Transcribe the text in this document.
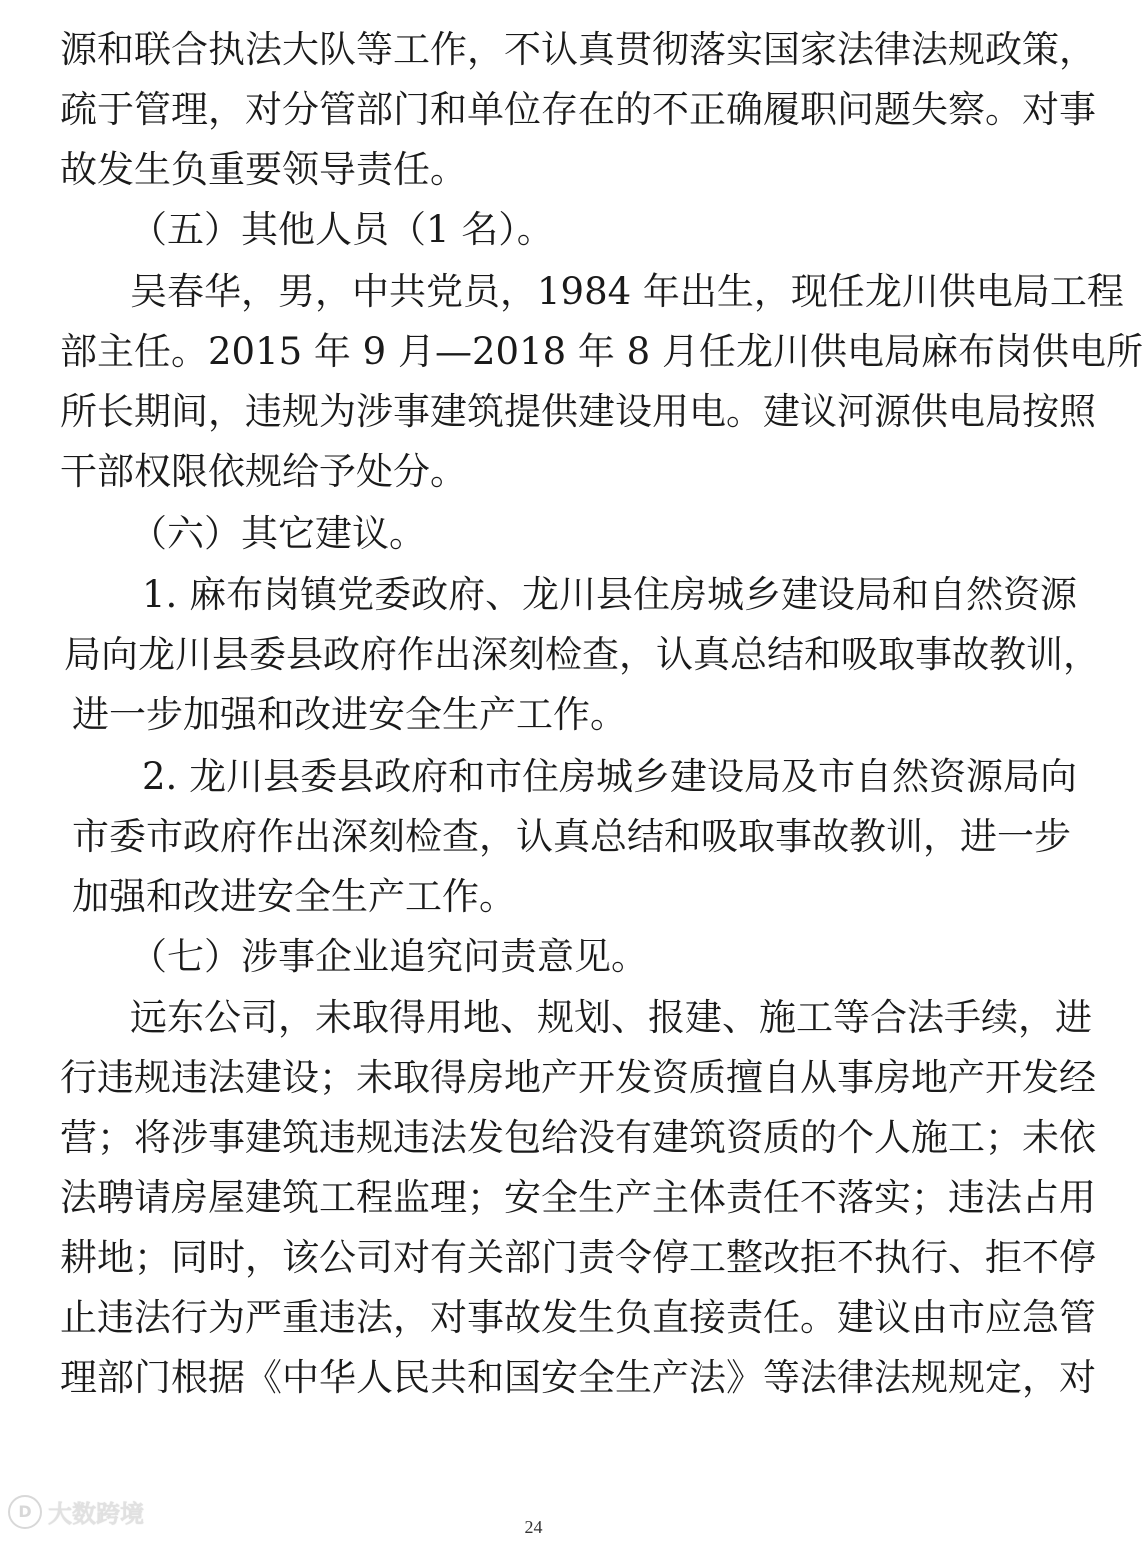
源和联合执法大队等工作，不认真贯彻落实国家法律法规政策，
疏于管理，对分管部门和单位存在的不正确履职问题失察。对事
故发生负重要领导责任。
（五）其他人员（1 名）。
吴春华，男，中共党员，1984 年出生，现任龙川供电局工程
部主任。2015 年 9 月—2018 年 8 月任龙川供电局麻布岗供电所
所长期间，违规为涉事建筑提供建设用电。建议河源供电局按照
干部权限依规给予处分。
（六）其它建议。
1. 麻布岗镇党委政府、龙川县住房城乡建设局和自然资源
局向龙川县委县政府作出深刻检查，认真总结和吸取事故教训，
进一步加强和改进安全生产工作。
2. 龙川县委县政府和市住房城乡建设局及市自然资源局向
市委市政府作出深刻检查，认真总结和吸取事故教训，进一步
加强和改进安全生产工作。
（七）涉事企业追究问责意见。
远东公司，未取得用地、规划、报建、施工等合法手续，进
行违规违法建设；未取得房地产开发资质擅自从事房地产开发经
营；将涉事建筑违规违法发包给没有建筑资质的个人施工；未依
法聘请房屋建筑工程监理；安全生产主体责任不落实；违法占用
耕地；同时，该公司对有关部门责令停工整改拒不执行、拒不停
止违法行为严重违法，对事故发生负直接责任。建议由市应急管
理部门根据《中华人民共和国安全生产法》等法律法规规定，对
D 大数跨境	24
